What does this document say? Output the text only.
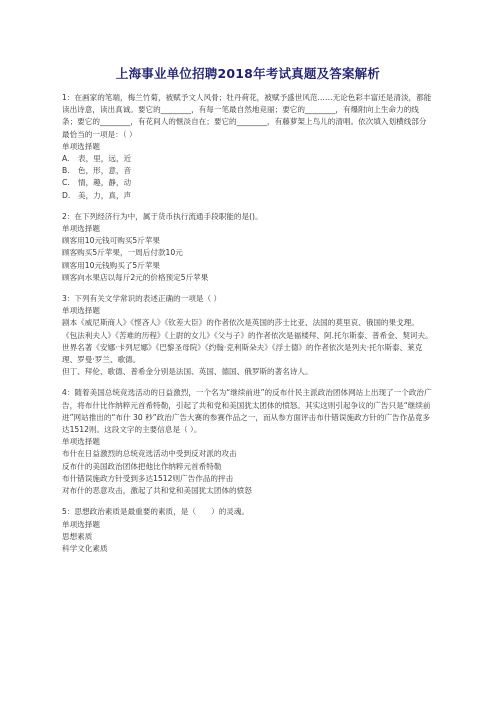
上海事业单位招聘2018年考试真题及答案解析
1：在画家的笔端，梅兰竹菊，被赋予文人风骨；牡丹荷花，被赋予盛世风范……无论色彩丰富还是清淡，都能读出诗意，读出真诚。要它的________，有每一笔最自然地竞丽；要它的________，有爆附向上生命力的线条；要它的________，有花间人的惬淡自在；要它的________，有藤萝架上鸟儿的清唱。依次填入划横线部分最恰当的一项是：（ ）
单项选择题
A. 表，里，远，近
B. 色，形，意，音
C. 情，趣，静，动
D. 美，力，真，声
2：在下列经济行为中，属于货币执行流通手段职能的是()。
单项选择题
顾客用10元钱可购买5斤苹果
顾客购买5斤苹果，一周后付款10元
顾客用10元钱购买了5斤苹果
顾客向水果店以每斤2元的价格预定5斤苹果
3：下列有关文学常识的表述正确的一项是（ ）
单项选择题
剧本《威尼斯商人》《悭吝人》《钦差大臣》的作者依次是英国的莎士比亚、法国的莫里哀、俄国的果戈理。
《包法利夫人》《苦难的历程》《上尉的女儿》《父与子》的作者依次是福楼拜、阿.托尔斯泰、普希金、契诃夫。
世界名著《安娜·卡列尼娜》《巴黎圣母院》《约翰·克利斯朵夫》《浮士德》的作者依次是列夫·托尔斯泰、莱克理、罗曼·罗兰、歌德。
但丁、拜伦、歌德、普希金分别是法国、英国、德国、俄罗斯的著名诗人。
4：随着美国总统竞选活动的日益激烈，一个名为“继续前进”的反布什民主派政治团体网站上出现了一个政治广告，将布什比作纳粹元首希特勒，引起了共和党和美国犹太团体的愤怒。其实这则引起争议的广告只是“继续前进”网站推出的“布什 30 秒”政治广告大赛的参赛作品之一，而从参方面评击布什错误施政方针的广告作品竟多达1512则。这段文字的主要信息是（ ）。
单项选择题
布什在日益激烈的总统竞选活动中受到反对派的攻击
反布什的美国政治团体把他比作纳粹元首希特勒
布什错误施政方针受到多达1512则广告作品的抨击
对布什的恶意攻击，激起了共和党和美国犹太团体的愤怒
5：思想政治素质是最重要的素质，是（　　）的灵魂。
单项选择题
思想素质
科学文化素质
